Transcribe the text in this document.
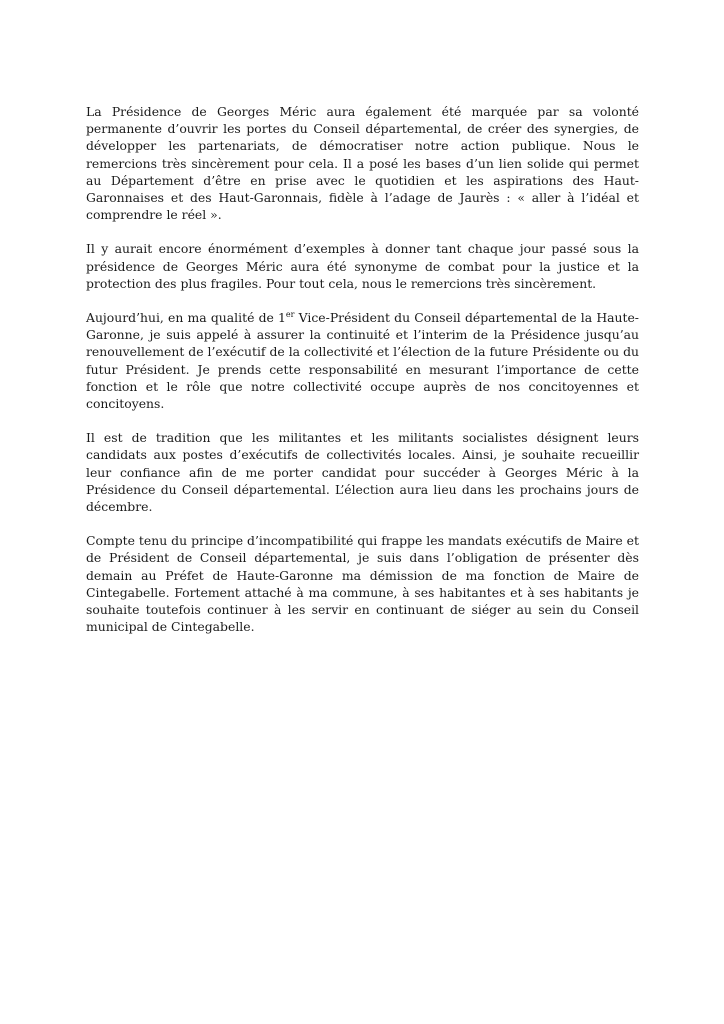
La Présidence de Georges Méric aura également été marquée par sa volonté permanente d’ouvrir les portes du Conseil départemental, de créer des synergies, de développer les partenariats, de démocratiser notre action publique. Nous le remercions très sincèrement pour cela. Il a posé les bases d’un lien solide qui permet au Département d’être en prise avec le quotidien et les aspirations des Haut-Garonnaises et des Haut-Garonnais, fidèle à l’adage de Jaurès : « aller à l’idéal et comprendre le réel ».

Il y aurait encore énormément d’exemples à donner tant chaque jour passé sous la présidence de Georges Méric aura été synonyme de combat pour la justice et la protection des plus fragiles. Pour tout cela, nous le remercions très sincèrement.

Aujourd’hui, en ma qualité de 1er Vice-Président du Conseil départemental de la Haute-Garonne, je suis appelé à assurer la continuité et l’interim de la Présidence jusqu’au renouvellement de l’exécutif de la collectivité et l’élection de la future Présidente ou du futur Président. Je prends cette responsabilité en mesurant l’importance de cette fonction et le rôle que notre collectivité occupe auprès de nos concitoyennes et concitoyens.

Il est de tradition que les militantes et les militants socialistes désignent leurs candidats aux postes d’exécutifs de collectivités locales. Ainsi, je souhaite recueillir leur confiance afin de me porter candidat pour succéder à Georges Méric à la Présidence du Conseil départemental. L’élection aura lieu dans les prochains jours de décembre.

Compte tenu du principe d’incompatibilité qui frappe les mandats exécutifs de Maire et de Président de Conseil départemental, je suis dans l’obligation de présenter dès demain au Préfet de Haute-Garonne ma démission de ma fonction de Maire de Cintegabelle. Fortement attaché à ma commune, à ses habitantes et à ses habitants je souhaite toutefois continuer à les servir en continuant de siéger au sein du Conseil municipal de Cintegabelle.
